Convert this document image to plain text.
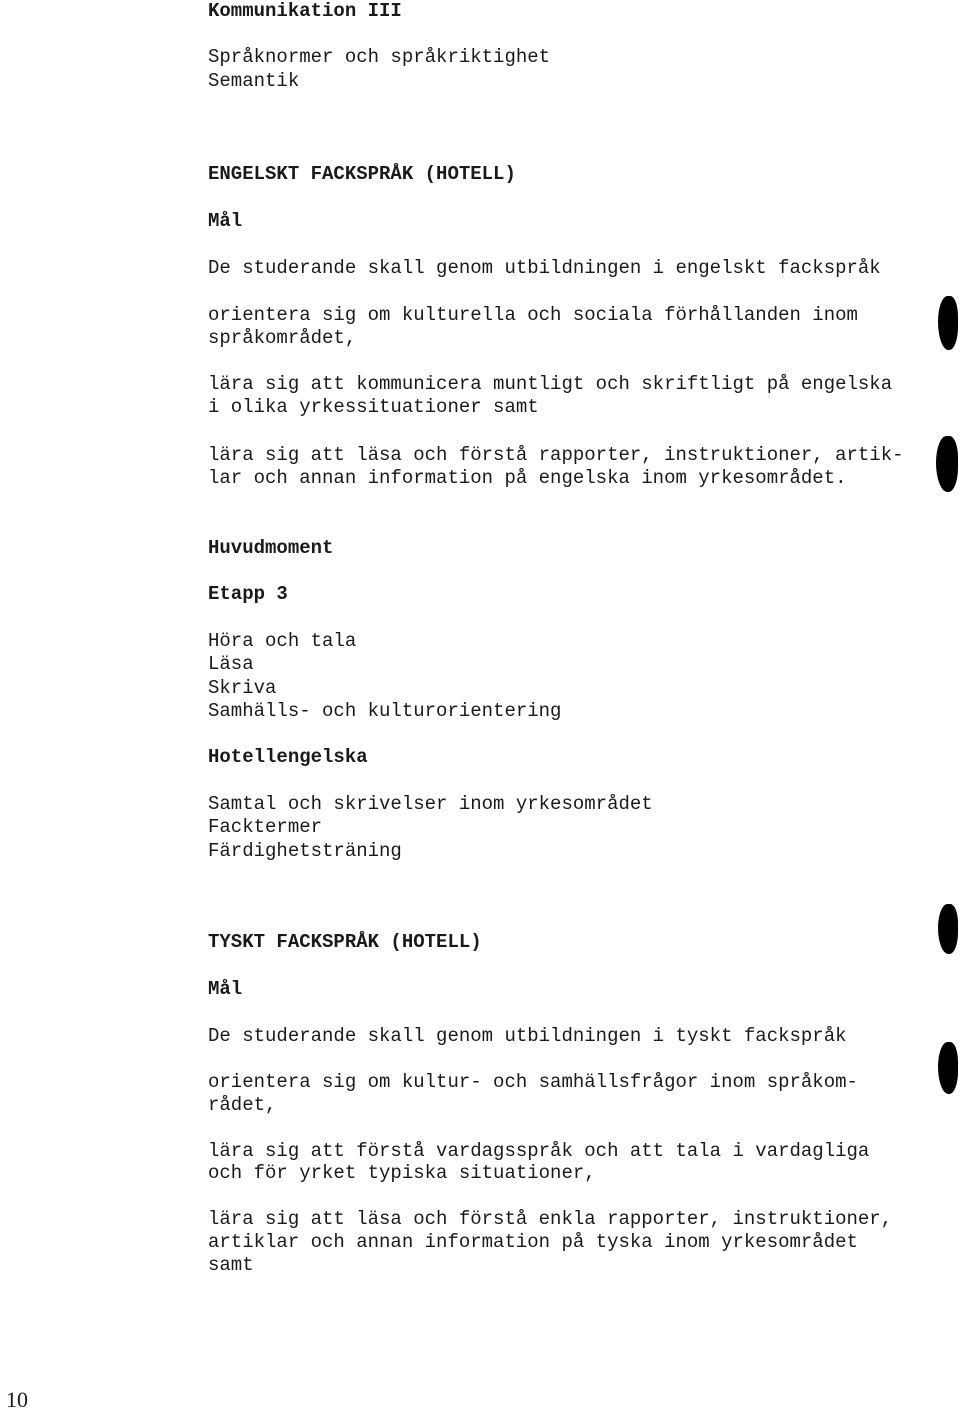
Kommunikation III

Språknormer och språkriktighet

Semantik

ENGELSKT FACKSPRÅK (HOTELL)

Mål

De studerande skall genom utbildningen i engelskt fackspråk

orientera sig om kulturella och sociala förhållanden inom

språkområdet,

lära sig att kommunicera muntligt och skriftligt på engelska

i olika yrkessituationer samt

lära sig att läsa och förstå rapporter, instruktioner, artik-

lar och annan information på engelska inom yrkesområdet.

Huvudmoment

Etapp 3

Höra och tala

Läsa

Skriva

Samhälls- och kulturorientering

Hotellengelska

Samtal och skrivelser inom yrkesområdet

Facktermer

Färdighetsträning

TYSKT FACKSPRÅK (HOTELL)

Mål

De studerande skall genom utbildningen i tyskt fackspråk

orientera sig om kultur- och samhällsfrågor inom språkom-

rådet,

lära sig att förstå vardagsspråk och att tala i vardagliga

och för yrket typiska situationer,

lära sig att läsa och förstå enkla rapporter, instruktioner,

artiklar och annan information på tyska inom yrkesområdet

samt

10
